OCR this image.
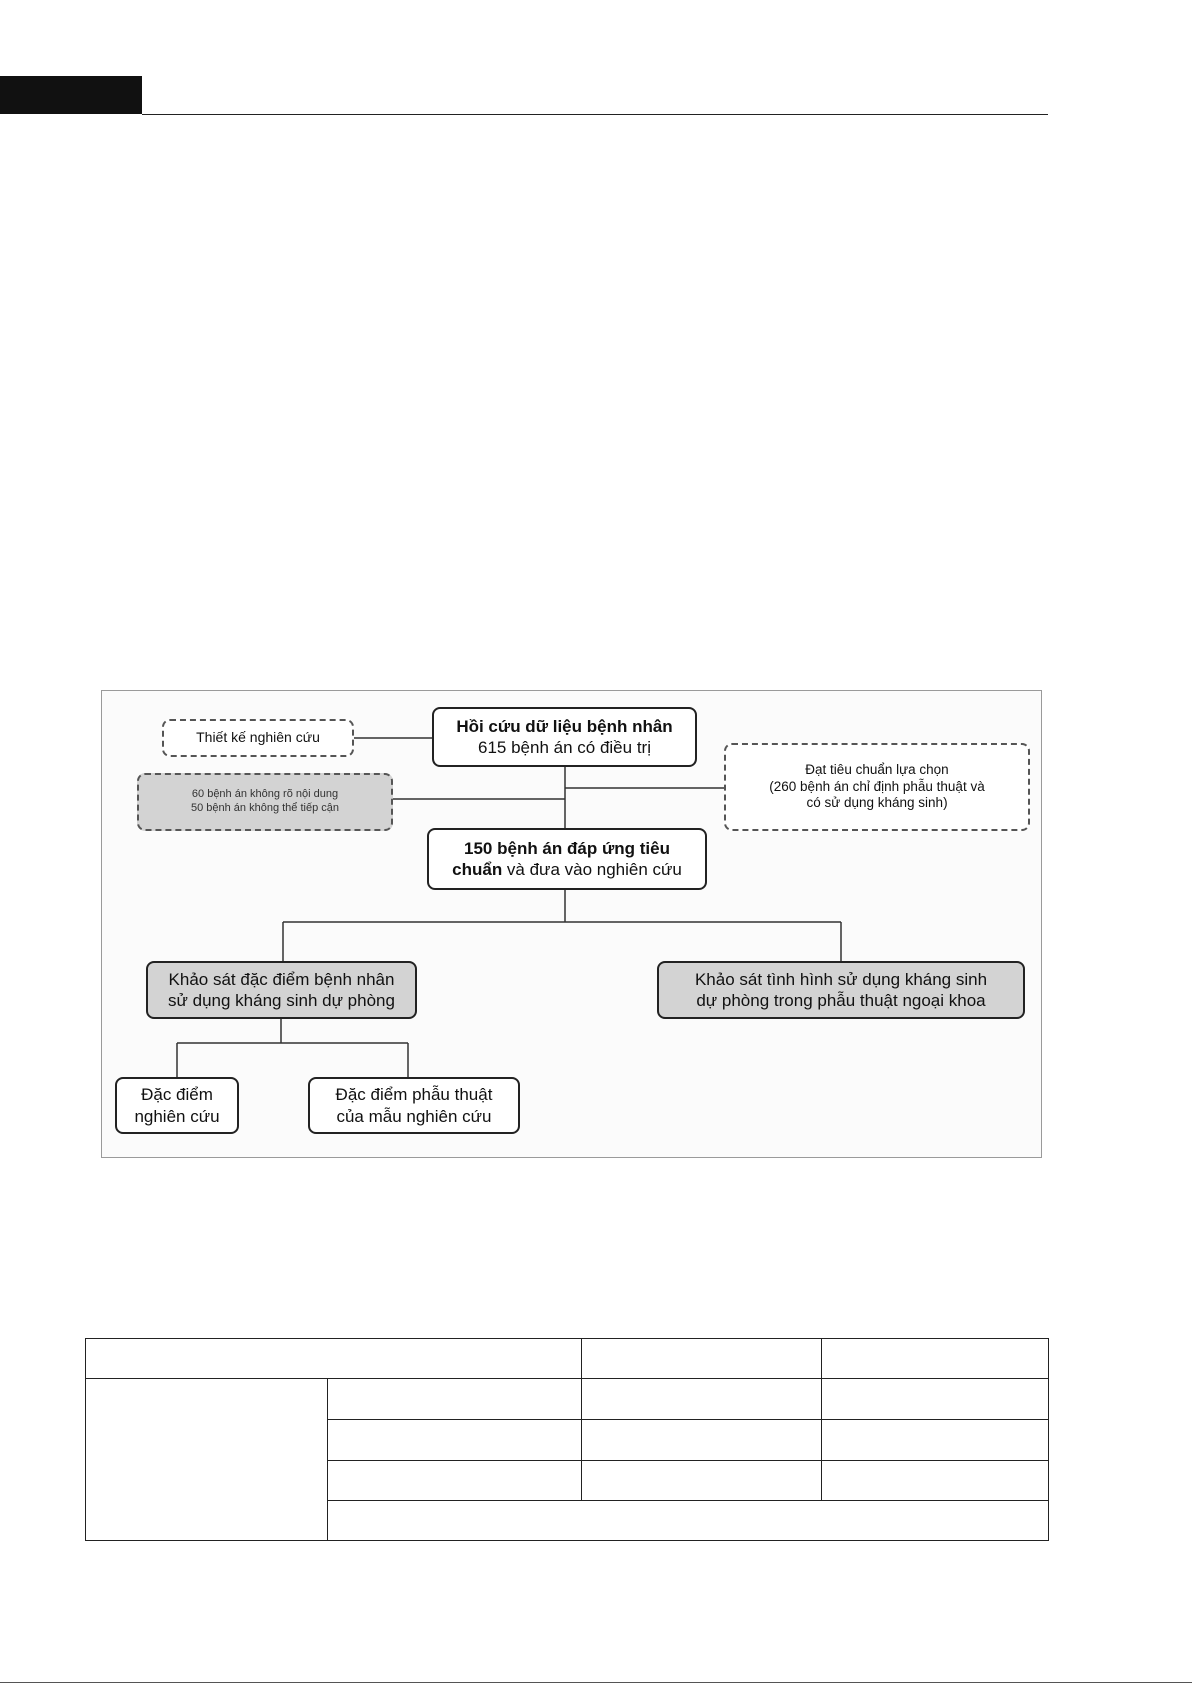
Hồi cứu dữ liệu bệnh nhân
615 bệnh án có điều trị
Thiết kế nghiên cứu
60 bệnh án không rõ nội dung
50 bệnh án không thể tiếp cận
Đạt tiêu chuẩn lựa chọn
(260 bệnh án chỉ định phẫu thuật và
có sử dụng kháng sinh)
150 bệnh án đáp ứng tiêu
chuẩn và đưa vào nghiên cứu
Khảo sát đặc điểm bệnh nhân
sử dụng kháng sinh dự phòng
Khảo sát tình hình sử dụng kháng sinh
dự phòng trong phẫu thuật ngoại khoa
Đặc điểm
nghiên cứu
Đặc điểm phẫu thuật
của mẫu nghiên cứu
